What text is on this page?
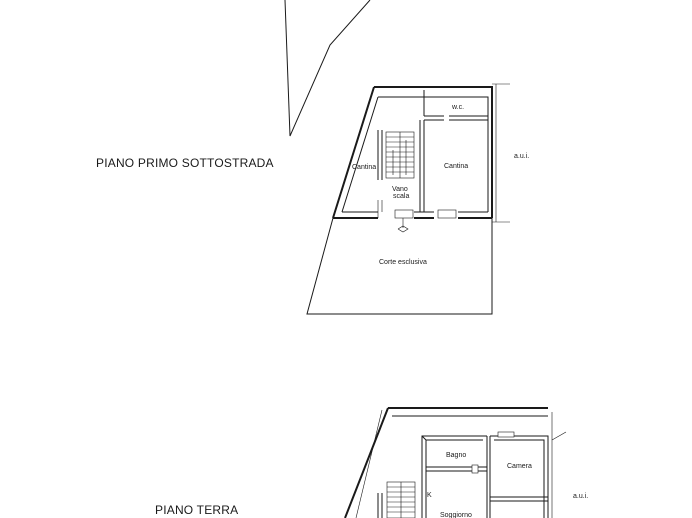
PIANO PRIMO SOTTOSTRADA
w.c.
Cantina	Cantina
Vano
scala
Corte esclusiva
a.u.i.
PIANO TERRA
Bagno
Camera
K
Soggiorno
a.u.i.
